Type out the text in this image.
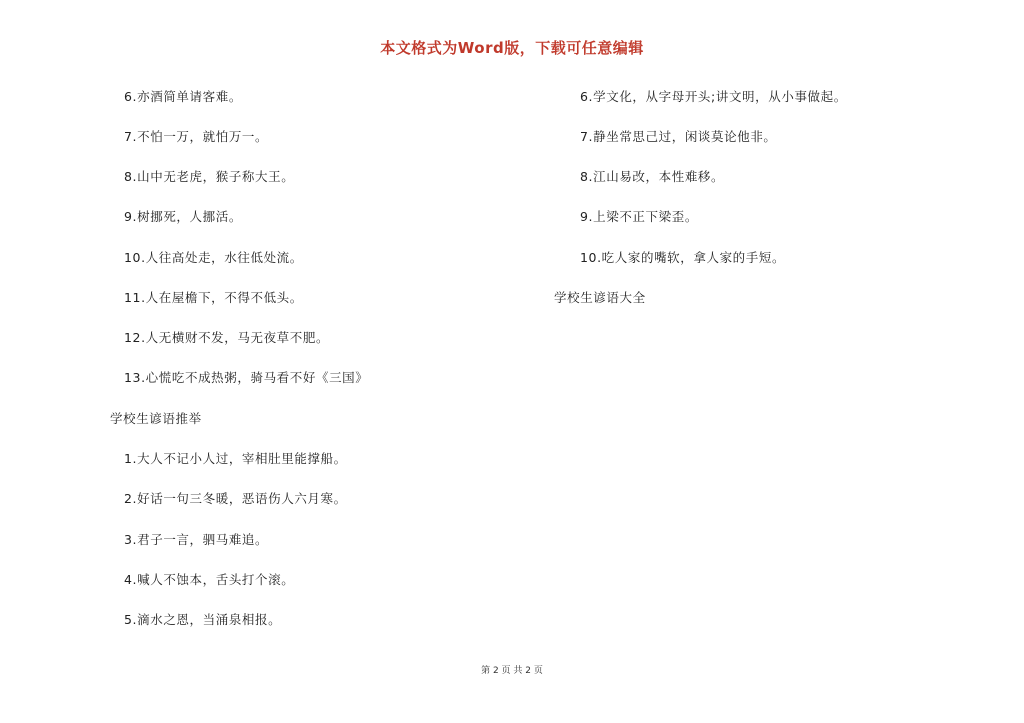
本文格式为Word版，下载可任意编辑
6.亦酒简单请客难。
7.不怕一万，就怕万一。
8.山中无老虎，猴子称大王。
9.树挪死，人挪活。
10.人往高处走，水往低处流。
11.人在屋檐下，不得不低头。
12.人无横财不发，马无夜草不肥。
13.心慌吃不成热粥，骑马看不好《三国》
学校生谚语推举
1.大人不记小人过，宰相肚里能撑船。
2.好话一句三冬暖，恶语伤人六月寒。
3.君子一言，驷马难追。
4.喊人不蚀本，舌头打个滚。
5.滴水之恩，当涌泉相报。
6.学文化，从字母开头;讲文明，从小事做起。
7.静坐常思己过，闲谈莫论他非。
8.江山易改，本性难移。
9.上梁不正下梁歪。
10.吃人家的嘴软，拿人家的手短。
学校生谚语大全
第 2 页 共 2 页
